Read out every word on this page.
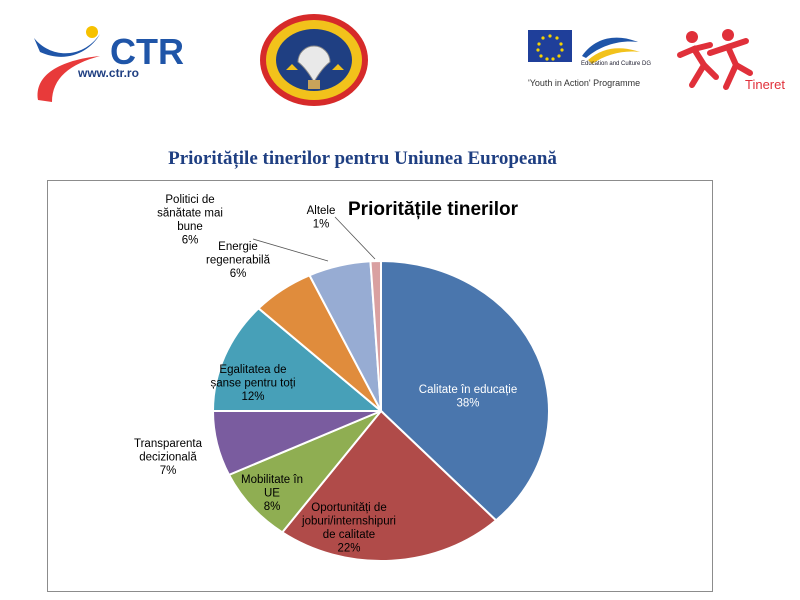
CTR
www.ctr.ro
Education and Culture DG
'Youth in Action' Programme	Tineret
Prioritățile tinerilor pentru Uniunea Europeană
Prioritățile tinerilor
Calitate în educație 38%
Oportunități de joburi/internshipuri de calitate 22%
Mobilitate în UE 8%
Transparenta decizională 7%
Egalitatea de șanse pentru toți 12%
Energie regenerabilă 6%
Politici de sănătate mai bune 6%
Altele 1%
